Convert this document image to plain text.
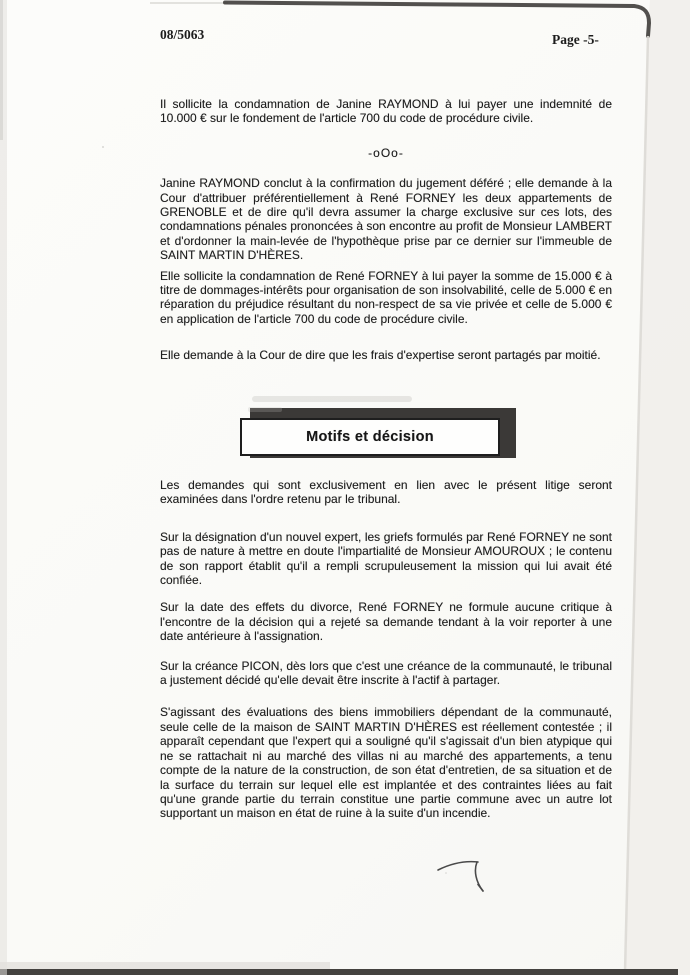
08/5063	Page -5-

Il sollicite la condamnation de Janine RAYMOND à lui payer une indemnité de 10.000 € sur le fondement de l'article 700 du code de procédure civile.

-oOo-

Janine RAYMOND conclut à la confirmation du jugement déféré ; elle demande à la Cour d'attribuer préférentiellement à René FORNEY les deux appartements de GRENOBLE et de dire qu'il devra assumer la charge exclusive sur ces lots, des condamnations pénales prononcées à son encontre au profit de Monsieur LAMBERT et d'ordonner la main-levée de l'hypothèque prise par ce dernier sur l'immeuble de SAINT MARTIN D'HÈRES.

Elle sollicite la condamnation de René FORNEY à lui payer la somme de 15.000 € à titre de dommages-intérêts pour organisation de son insolvabilité, celle de 5.000 € en réparation du préjudice résultant du non-respect de sa vie privée et celle de 5.000 € en application de l'article 700 du code de procédure civile.

Elle demande à la Cour de dire que les frais d'expertise seront partagés par moitié.

Motifs et décision

Les demandes qui sont exclusivement en lien avec le présent litige seront examinées dans l'ordre retenu par le tribunal.

Sur la désignation d'un nouvel expert, les griefs formulés par René FORNEY ne sont pas de nature à mettre en doute l'impartialité de Monsieur AMOUROUX ; le contenu de son rapport établit qu'il a rempli scrupuleusement la mission qui lui avait été confiée.

Sur la date des effets du divorce, René FORNEY ne formule aucune critique à l'encontre de la décision qui a rejeté sa demande tendant à la voir reporter à une date antérieure à l'assignation.

Sur la créance PICON, dès lors que c'est une créance de la communauté, le tribunal a justement décidé qu'elle devait être inscrite à l'actif à partager.

S'agissant des évaluations des biens immobiliers dépendant de la communauté, seule celle de la maison de SAINT MARTIN D'HÈRES est réellement contestée ; il apparaît cependant que l'expert qui a souligné qu'il s'agissait d'un bien atypique qui ne se rattachait ni au marché des villas ni au marché des appartements, a tenu compte de la nature de la construction, de son état d'entretien, de sa situation et de la surface du terrain sur lequel elle est implantée et des contraintes liées au fait qu'une grande partie du terrain constitue une partie commune avec un autre lot supportant un maison en état de ruine à la suite d'un incendie.
